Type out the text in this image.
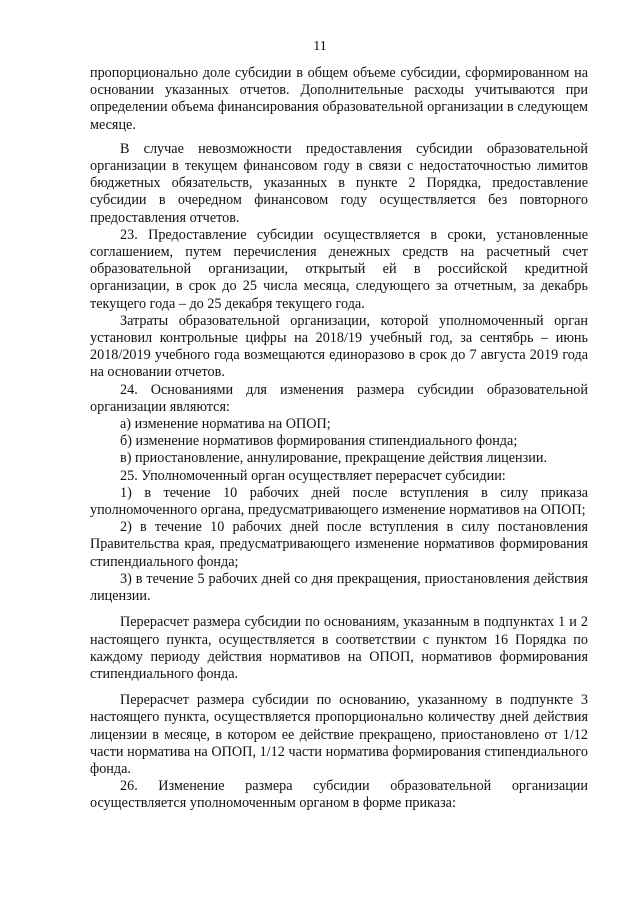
11

пропорционально доле субсидии в общем объеме субсидии, сформированном на основании указанных отчетов. Дополнительные расходы учитываются при определении объема финансирования образовательной организации в следующем месяце.

В случае невозможности предоставления субсидии образовательной организации в текущем финансовом году в связи с недостаточностью лимитов бюджетных обязательств, указанных в пункте 2 Порядка, предоставление субсидии в очередном финансовом году осуществляется без повторного предоставления отчетов.

23. Предоставление субсидии осуществляется в сроки, установленные соглашением, путем перечисления денежных средств на расчетный счет образовательной организации, открытый ей в российской кредитной организации, в срок до 25 числа месяца, следующего за отчетным, за декабрь текущего года – до 25 декабря текущего года.

Затраты образовательной организации, которой уполномоченный орган установил контрольные цифры на 2018/19 учебный год, за сентябрь – июнь 2018/2019 учебного года возмещаются единоразово в срок до 7 августа 2019 года на основании отчетов.

24. Основаниями для изменения размера субсидии образовательной организации являются:

а) изменение норматива на ОПОП;

б) изменение нормативов формирования стипендиального фонда;

в) приостановление, аннулирование, прекращение действия лицензии.

25. Уполномоченный орган осуществляет перерасчет субсидии:

1) в течение 10 рабочих дней после вступления в силу приказа уполномоченного органа, предусматривающего изменение нормативов на ОПОП;

2) в течение 10 рабочих дней после вступления в силу постановления Правительства края, предусматривающего изменение нормативов формирования стипендиального фонда;

3) в течение 5 рабочих дней со дня прекращения, приостановления действия лицензии.

Перерасчет размера субсидии по основаниям, указанным в подпунктах 1 и 2 настоящего пункта, осуществляется в соответствии с пунктом 16 Порядка по каждому периоду действия нормативов на ОПОП, нормативов формирования стипендиального фонда.

Перерасчет размера субсидии по основанию, указанному в подпункте 3 настоящего пункта, осуществляется пропорционально количеству дней действия лицензии в месяце, в котором ее действие прекращено, приостановлено от 1/12 части норматива на ОПОП, 1/12 части норматива формирования стипендиального фонда.

26. Изменение размера субсидии образовательной организации осуществляется уполномоченным органом в форме приказа:
